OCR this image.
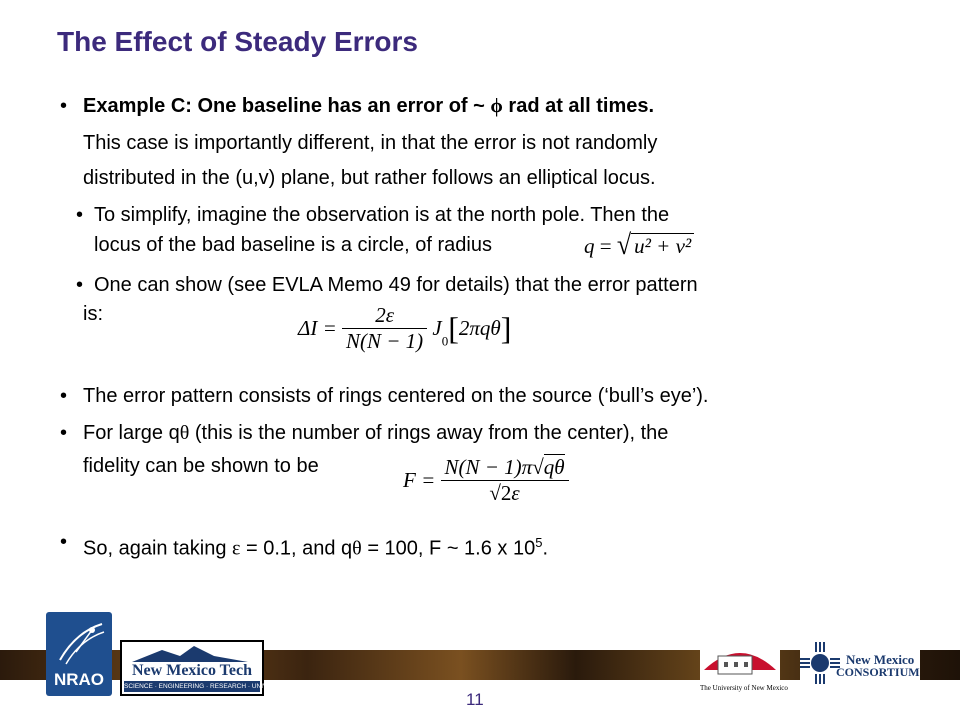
The Effect of Steady Errors
• Example C: One baseline has an error of ~ ϕ rad at all times.
This case is importantly different, in that the error is not randomly
distributed in the (u,v) plane, but rather follows an elliptical locus.
• To simplify, imagine the observation is at the north pole. Then the
locus of the bad baseline is a circle, of radius	q = √ u² + v²
• One can show (see EVLA Memo 49 for details) that the error pattern
is:
$\Delta I = \frac{2\varepsilon}{N(N - 1)} J_0[2\pi q\theta]$
• The error pattern consists of rings centered on the source (‘bull’s eye’).
• For large qθ (this is the number of rings away from the center), the
fidelity can be shown to be
$F = \frac{N(N - 1)\pi√q\theta}{√2\varepsilon}$
• So, again taking ε = 0.1, and qθ = 100, F ~ 1.6 x $10^5$.
NRAO	New Mexico Tech
SCIENCE · ENGINEERING · RESEARCH · UNIVERSITY	The University of New Mexico
New Mexico
CONSORTIUM
11
